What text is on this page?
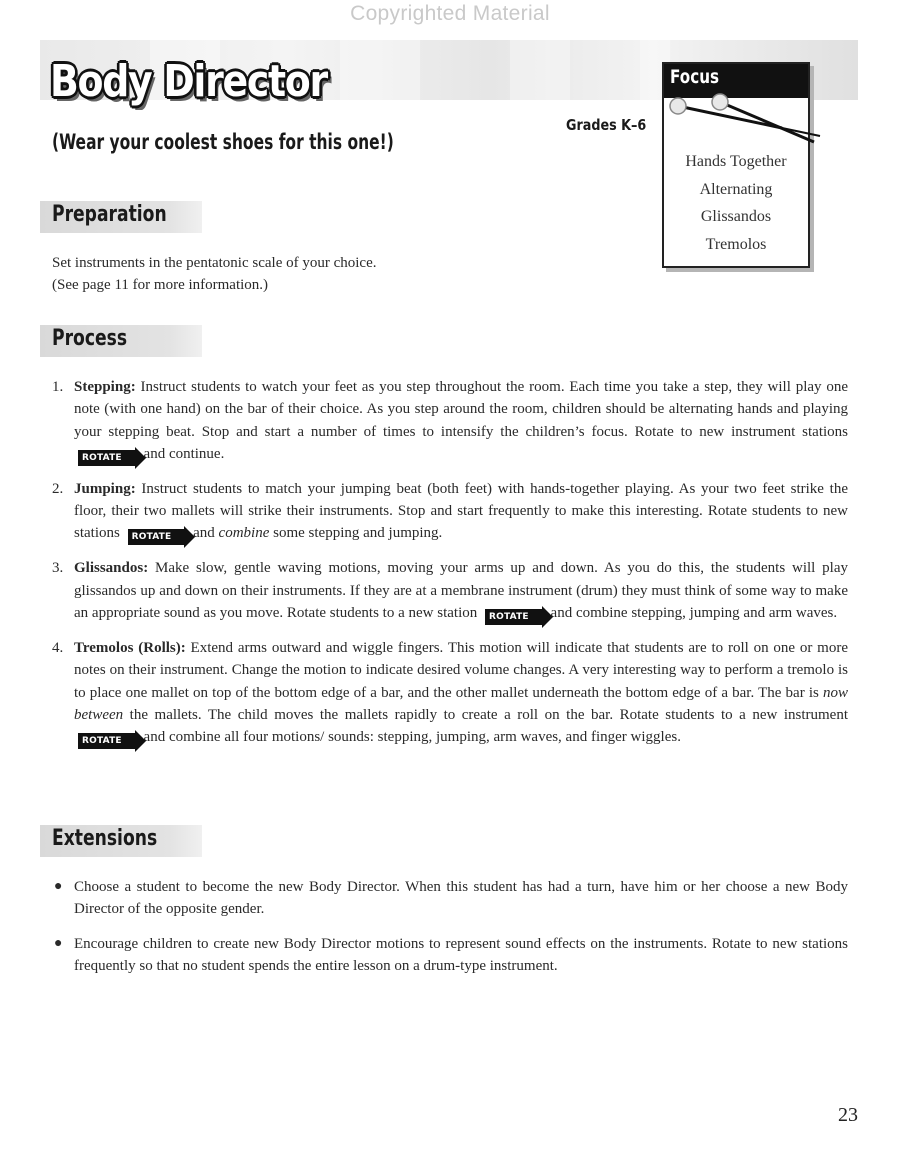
Copyrighted Material
Body Director

(Wear your coolest shoes for this one!)

Grades K–6
Focus
Hands Together
Alternating
Glissandos
Tremolos
Preparation

Set instruments in the pentatonic scale of your choice.
(See page 11 for more information.)

Process
1. Stepping: Instruct students to watch your feet as you step throughout the room. Each time you take a step, they will play one note (with one hand) on the bar of their choice. As you step around the room, children should be alternating hands and playing your stepping beat. Stop and start a number of times to intensify the children’s focus. Rotate to new instrument stations ROTATE and continue.
2. Jumping: Instruct students to match your jumping beat (both feet) with hands-together playing. As your two feet strike the floor, their two mallets will strike their instruments. Stop and start frequently to make this interesting. Rotate students to new stations ROTATE and combine some stepping and jumping.
3. Glissandos: Make slow, gentle waving motions, moving your arms up and down. As you do this, the students will play glissandos up and down on their instruments. If they are at a membrane instrument (drum) they must think of some way to make an appropriate sound as you move. Rotate students to a new station ROTATE and combine stepping, jumping and arm waves.
4. Tremolos (Rolls): Extend arms outward and wiggle fingers. This motion will indicate that students are to roll on one or more notes on their instrument. Change the motion to indicate desired volume changes. A very interesting way to perform a tremolo is to place one mallet on top of the bottom edge of a bar, and the other mallet underneath the bottom edge of a bar. The bar is now between the mallets. The child moves the mallets rapidly to create a roll on the bar. Rotate students to a new instrument ROTATE and combine all four motions/ sounds: stepping, jumping, arm waves, and finger wiggles.
Extensions
● Choose a student to become the new Body Director. When this student has had a turn, have him or her choose a new Body Director of the opposite gender.
● Encourage children to create new Body Director motions to represent sound effects on the instruments. Rotate to new stations frequently so that no student spends the entire lesson on a drum-type instrument.
23
